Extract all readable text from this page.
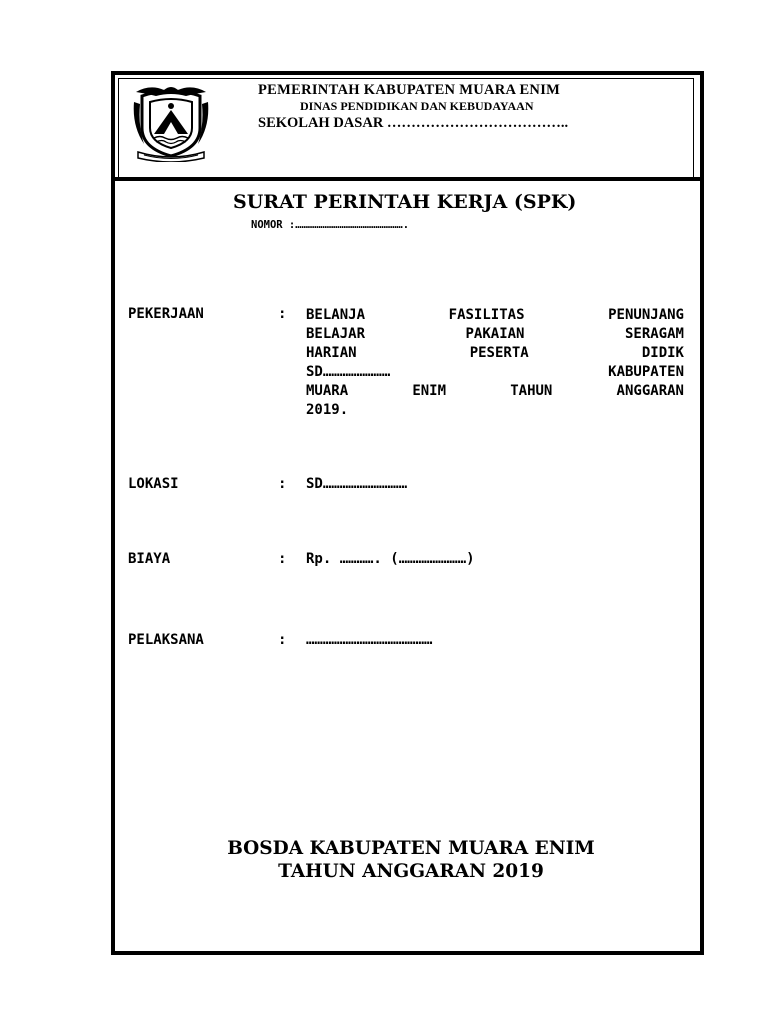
PEMERINTAH KABUPATEN MUARA ENIM
DINAS PENDIDIKAN DAN KEBUDAYAAN
SEKOLAH DASAR ………………………………..
SURAT PERINTAH KERJA (SPK)
NOMOR :…………………………………………….
PEKERJAAN	: BELANJA	FASILITAS	PENUNJANG
BELAJAR	PAKAIAN	SERAGAM
HARIAN	PESERTA	DIDIK
SD……………………	KABUPATEN
MUARA	ENIM	TAHUN	ANGGARAN
2019.
LOKASI	: SD…………………………
BIAYA	: Rp. …………. (……………………)
PELAKSANA	: ………………………………………
BOSDA KABUPATEN MUARA ENIM
TAHUN ANGGARAN 2019
